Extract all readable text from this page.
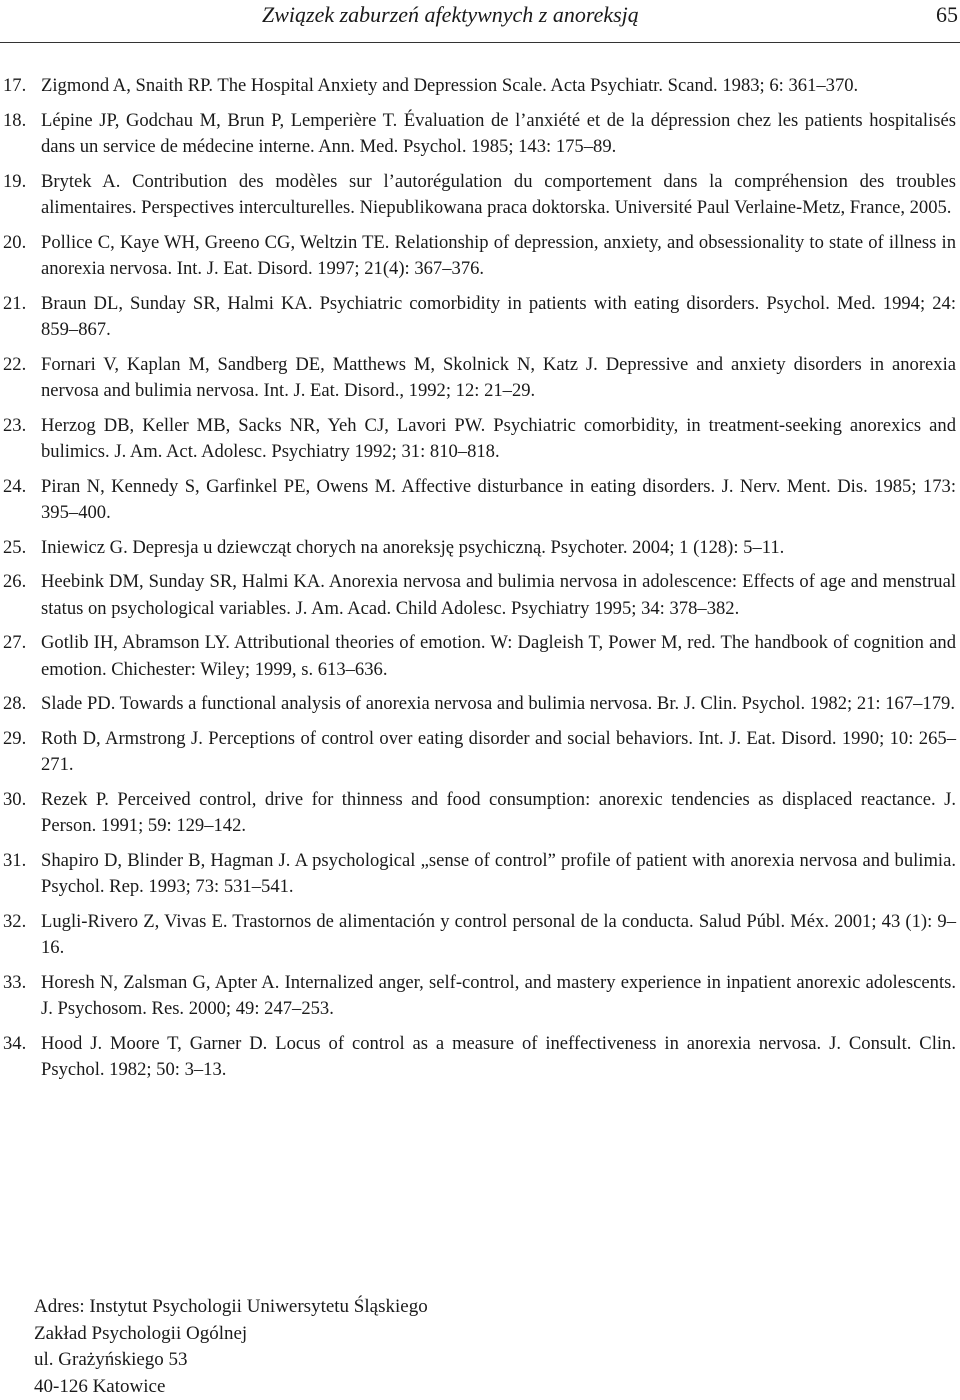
Związek zaburzeń afektywnych z anoreksją	65
17. Zigmond A, Snaith RP. The Hospital Anxiety and Depression Scale. Acta Psychiatr. Scand. 1983; 6: 361–370.
18. Lépine JP, Godchau M, Brun P, Lemperière T. Évaluation de l’anxiété et de la dépression chez les patients hospitalisés dans un service de médecine interne. Ann. Med. Psychol. 1985; 143: 175–89.
19. Brytek A. Contribution des modèles sur l’autorégulation du comportement dans la compréhension des troubles alimentaires. Perspectives interculturelles. Niepublikowana praca doktorska. Université Paul Verlaine-Metz, France, 2005.
20. Pollice C, Kaye WH, Greeno CG, Weltzin TE. Relationship of depression, anxiety, and obsessionality to state of illness in anorexia nervosa. Int. J. Eat. Disord. 1997; 21(4): 367–376.
21. Braun DL, Sunday SR, Halmi KA. Psychiatric comorbidity in patients with eating disorders. Psychol. Med. 1994; 24: 859–867.
22. Fornari V, Kaplan M, Sandberg DE, Matthews M, Skolnick N, Katz J. Depressive and anxiety disorders in anorexia nervosa and bulimia nervosa. Int. J. Eat. Disord., 1992; 12: 21–29.
23. Herzog DB, Keller MB, Sacks NR, Yeh CJ, Lavori PW. Psychiatric comorbidity, in treatment-seeking anorexics and bulimics. J. Am. Act. Adolesc. Psychiatry 1992; 31: 810–818.
24. Piran N, Kennedy S, Garfinkel PE, Owens M. Affective disturbance in eating disorders. J. Nerv. Ment. Dis. 1985; 173: 395–400.
25. Iniewicz G. Depresja u dziewcząt chorych na anoreksję psychiczną. Psychoter. 2004; 1 (128): 5–11.
26. Heebink DM, Sunday SR, Halmi KA. Anorexia nervosa and bulimia nervosa in adolescence: Effects of age and menstrual status on psychological variables. J. Am. Acad. Child Adolesc. Psychiatry 1995; 34: 378–382.
27. Gotlib IH, Abramson LY. Attributional theories of emotion. W: Dagleish T, Power M, red. The handbook of cognition and emotion. Chichester: Wiley; 1999, s. 613–636.
28. Slade PD. Towards a functional analysis of anorexia nervosa and bulimia nervosa. Br. J. Clin. Psychol. 1982; 21: 167–179.
29. Roth D, Armstrong J. Perceptions of control over eating disorder and social behaviors. Int. J. Eat. Disord. 1990; 10: 265–271.
30. Rezek P. Perceived control, drive for thinness and food consumption: anorexic tendencies as displaced reactance. J. Person. 1991; 59: 129–142.
31. Shapiro D, Blinder B, Hagman J. A psychological „sense of control” profile of patient with anorexia nervosa and bulimia. Psychol. Rep. 1993; 73: 531–541.
32. Lugli-Rivero Z, Vivas E. Trastornos de alimentación y control personal de la conducta. Salud Públ. Méx. 2001; 43 (1): 9–16.
33. Horesh N, Zalsman G, Apter A. Internalized anger, self-control, and mastery experience in inpatient anorexic adolescents. J. Psychosom. Res. 2000; 49: 247–253.
34. Hood J. Moore T, Garner D. Locus of control as a measure of ineffectiveness in anorexia nervosa. J. Consult. Clin. Psychol. 1982; 50: 3–13.
Adres: Instytut Psychologii Uniwersytetu Śląskiego
Zakład Psychologii Ogólnej
ul. Grażyńskiego 53
40-126 Katowice
